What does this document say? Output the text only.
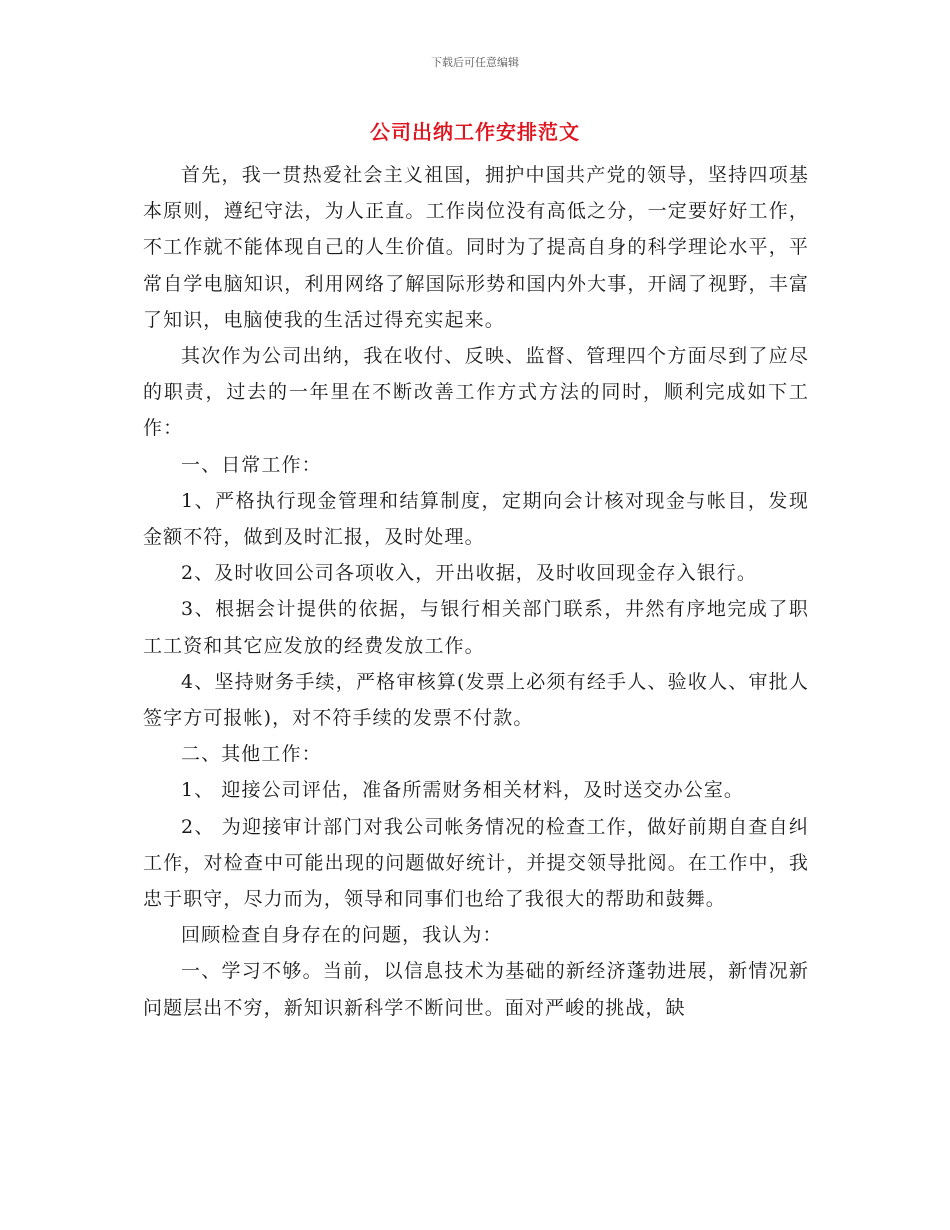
下载后可任意编辑
公司出纳工作安排范文

首先，我一贯热爱社会主义祖国，拥护中国共产党的领导，坚持四项基本原则，遵纪守法，为人正直。工作岗位没有高低之分，一定要好好工作，不工作就不能体现自己的人生价值。同时为了提高自身的科学理论水平，平常自学电脑知识，利用网络了解国际形势和国内外大事，开阔了视野，丰富了知识，电脑使我的生活过得充实起来。

其次作为公司出纳，我在收付、反映、监督、管理四个方面尽到了应尽的职责，过去的一年里在不断改善工作方式方法的同时，顺利完成如下工作：

一、日常工作：

1、严格执行现金管理和结算制度，定期向会计核对现金与帐目，发现金额不符，做到及时汇报，及时处理。

2、及时收回公司各项收入，开出收据，及时收回现金存入银行。

3、根据会计提供的依据，与银行相关部门联系，井然有序地完成了职工工资和其它应发放的经费发放工作。

4、坚持财务手续，严格审核算(发票上必须有经手人、验收人、审批人签字方可报帐)，对不符手续的发票不付款。

二、其他工作：

1、 迎接公司评估，准备所需财务相关材料，及时送交办公室。

2、 为迎接审计部门对我公司帐务情况的检查工作，做好前期自查自纠工作，对检查中可能出现的问题做好统计，并提交领导批阅。在工作中，我忠于职守，尽力而为，领导和同事们也给了我很大的帮助和鼓舞。

回顾检查自身存在的问题，我认为：

一、学习不够。当前，以信息技术为基础的新经济蓬勃进展，新情况新问题层出不穷，新知识新科学不断问世。面对严峻的挑战，缺
